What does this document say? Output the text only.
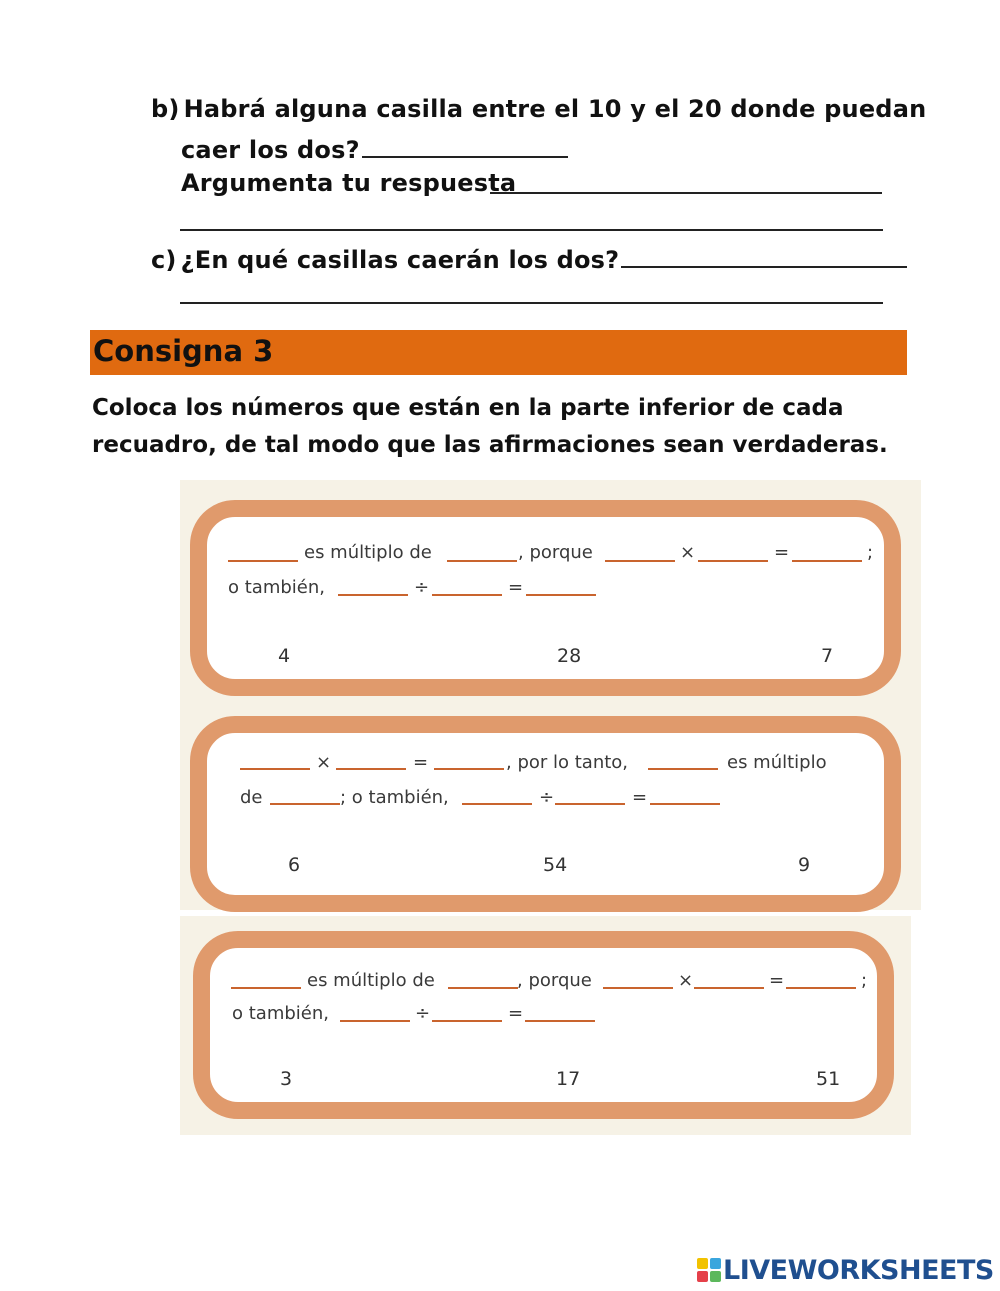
b) Habrá alguna casilla entre el 10 y el 20 donde puedan
caer los dos?
Argumenta tu respuesta
c) ¿En qué casillas caerán los dos?
Consigna 3
Coloca los números que están en la parte inferior de cada
recuadro, de tal modo que las afirmaciones sean verdaderas.
es múltiplo de	, porque	×	=	;
o también,	÷	=
4	28	7
×	=	, por lo tanto,	es múltiplo
de	; o también,	÷	=
6	54	9
es múltiplo de	, porque	×	=	;
o también,	÷	=
3	17	51
LIVEWORKSHEETS
